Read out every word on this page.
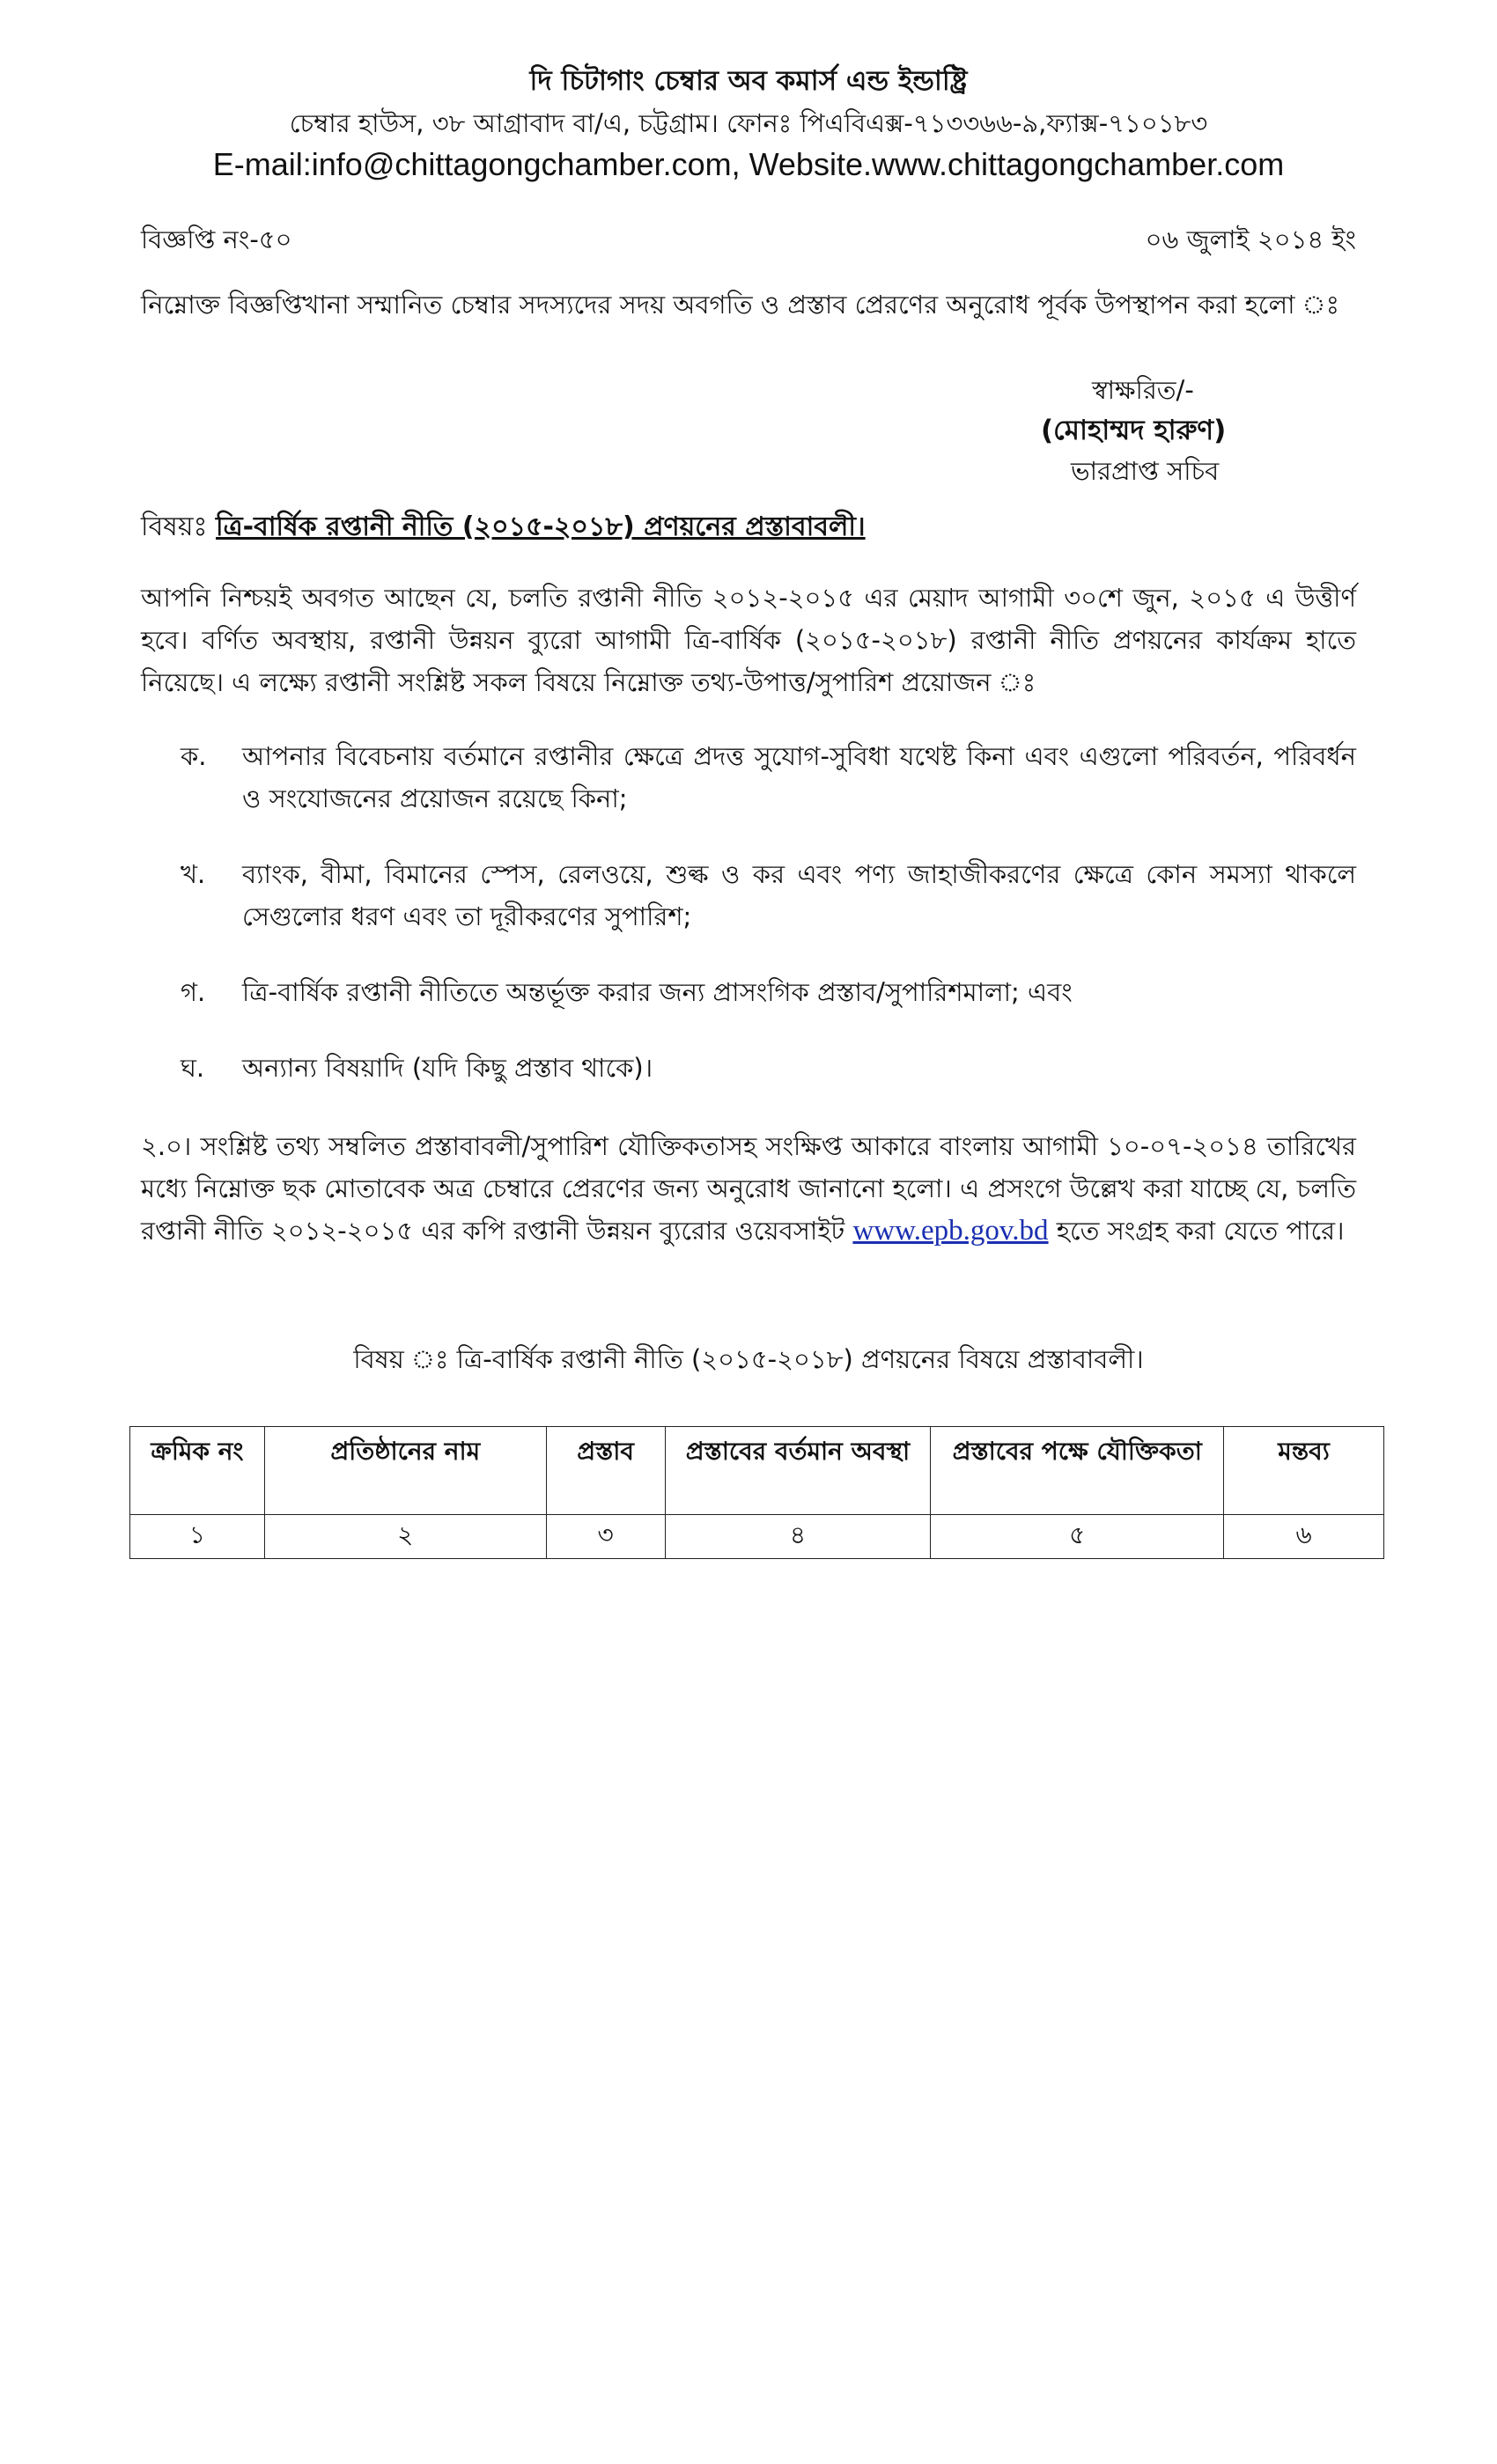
দি চিটাগাং চেম্বার অব কমার্স এন্ড ইন্ডাষ্ট্রি
চেম্বার হাউস, ৩৮ আগ্রাবাদ বা/এ, চট্টগ্রাম। ফোনঃ পিএবিএক্স-৭১৩৩৬৬-৯,ফ্যাক্স-৭১০১৮৩
E-mail:info@chittagongchamber.com, Website.www.chittagongchamber.com
বিজ্ঞপ্তি নং-৫০	০৬ জুলাই ২০১৪ ইং
নিম্নোক্ত বিজ্ঞপ্তিখানা সম্মানিত চেম্বার সদস্যদের সদয় অবগতি ও প্রস্তাব প্রেরণের অনুরোধ পূর্বক উপস্থাপন করা হলো ঃ
স্বাক্ষরিত/-
(মোহাম্মদ হারুণ)
ভারপ্রাপ্ত সচিব
বিষয়ঃ ত্রি-বার্ষিক রপ্তানী নীতি (২০১৫-২০১৮) প্রণয়নের প্রস্তাবাবলী।
আপনি নিশ্চয়ই অবগত আছেন যে, চলতি রপ্তানী নীতি ২০১২-২০১৫ এর মেয়াদ আগামী ৩০শে জুন, ২০১৫ এ উত্তীর্ণ হবে। বর্ণিত অবস্থায়, রপ্তানী উন্নয়ন ব্যুরো আগামী ত্রি-বার্ষিক (২০১৫-২০১৮) রপ্তানী নীতি প্রণয়নের কার্যক্রম হাতে নিয়েছে। এ লক্ষ্যে রপ্তানী সংশ্লিষ্ট সকল বিষয়ে নিম্নোক্ত তথ্য-উপাত্ত/সুপারিশ প্রয়োজন ঃ
ক.	আপনার বিবেচনায় বর্তমানে রপ্তানীর ক্ষেত্রে প্রদত্ত সুযোগ-সুবিধা যথেষ্ট কিনা এবং এগুলো পরিবর্তন, পরিবর্ধন ও সংযোজনের প্রয়োজন রয়েছে কিনা;
খ.	ব্যাংক, বীমা, বিমানের স্পেস, রেলওয়ে, শুল্ক ও কর এবং পণ্য জাহাজীকরণের ক্ষেত্রে কোন সমস্যা থাকলে সেগুলোর ধরণ এবং তা দূরীকরণের সুপারিশ;
গ.	ত্রি-বার্ষিক রপ্তানী নীতিতে অন্তর্ভূক্ত করার জন্য প্রাসংগিক প্রস্তাব/সুপারিশমালা; এবং
ঘ.	অন্যান্য বিষয়াদি (যদি কিছু প্রস্তাব থাকে)।
২.০। সংশ্লিষ্ট তথ্য সম্বলিত প্রস্তাবাবলী/সুপারিশ যৌক্তিকতাসহ সংক্ষিপ্ত আকারে বাংলায় আগামী ১০-০৭-২০১৪ তারিখের মধ্যে নিম্নোক্ত ছক মোতাবেক অত্র চেম্বারে প্রেরণের জন্য অনুরোধ জানানো হলো। এ প্রসংগে উল্লেখ করা যাচ্ছে যে, চলতি রপ্তানী নীতি ২০১২-২০১৫ এর কপি রপ্তানী উন্নয়ন ব্যুরোর ওয়েবসাইট www.epb.gov.bd হতে সংগ্রহ করা যেতে পারে।
বিষয় ঃ ত্রি-বার্ষিক রপ্তানী নীতি (২০১৫-২০১৮) প্রণয়নের বিষয়ে প্রস্তাবাবলী।
ক্রমিক নং	প্রতিষ্ঠানের নাম	প্রস্তাব	প্রস্তাবের বর্তমান অবস্থা	প্রস্তাবের পক্ষে যৌক্তিকতা	মন্তব্য
১	২	৩	৪	৫	৬
